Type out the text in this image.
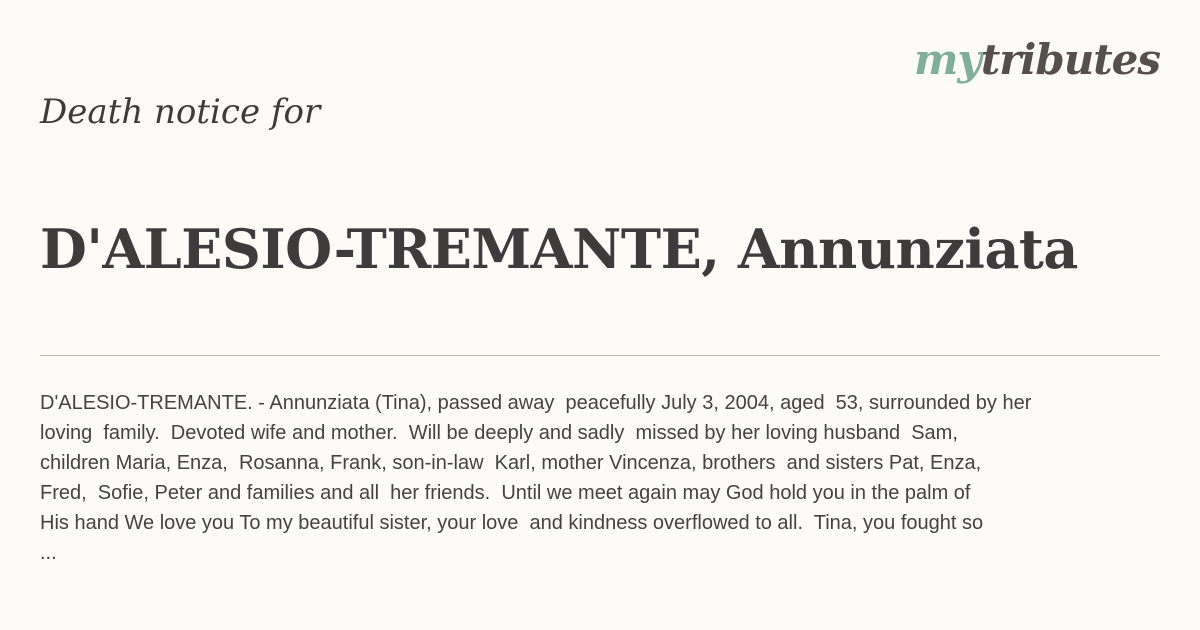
mytributes
Death notice for
D'ALESIO-TREMANTE, Annunziata
D'ALESIO-TREMANTE. - Annunziata (Tina), passed away  peacefully July 3, 2004, aged  53, surrounded by her
loving  family.  Devoted wife and mother.  Will be deeply and sadly  missed by her loving husband  Sam,
children Maria, Enza,  Rosanna, Frank, son-in-law  Karl, mother Vincenza, brothers  and sisters Pat, Enza,
Fred,  Sofie, Peter and families and all  her friends.  Until we meet again may God hold you in the palm of
His hand We love you To my beautiful sister, your love  and kindness overflowed to all.  Tina, you fought so
...
